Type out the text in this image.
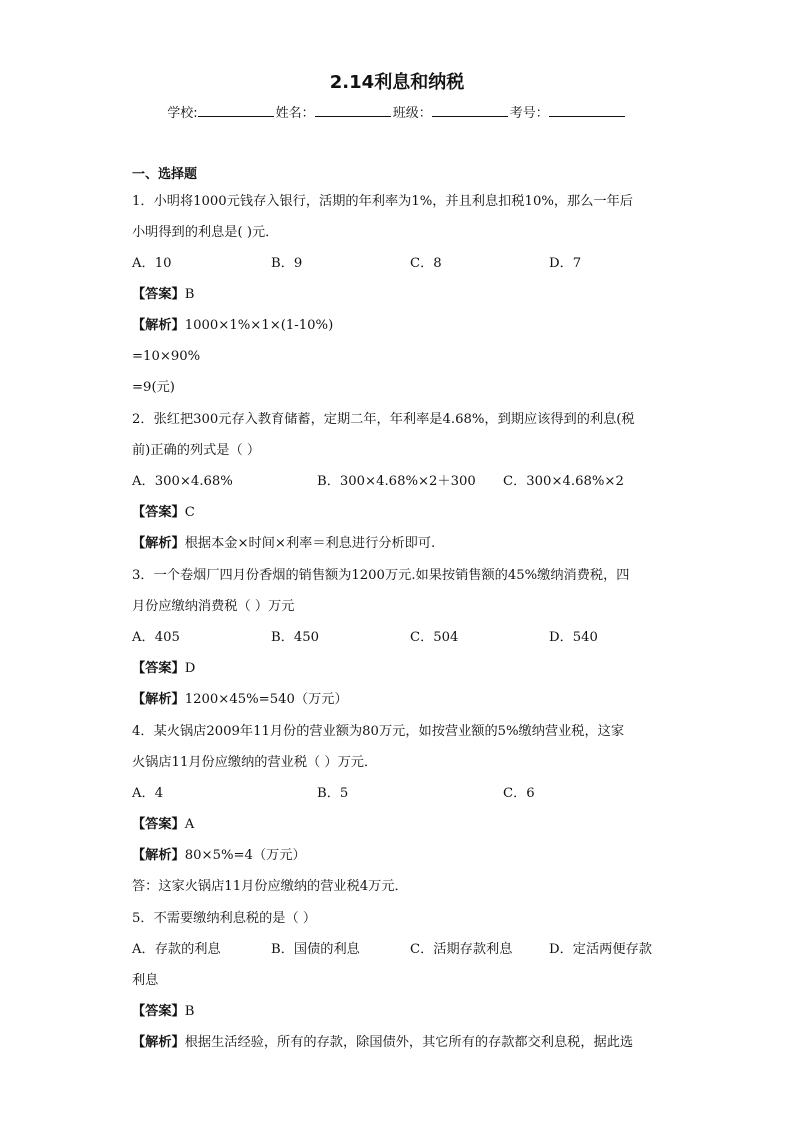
2.14利息和纳税
学校:	姓名：	班级：	考号：
一、选择题
1．小明将1000元钱存入银行，活期的年利率为1%，并且利息扣税10%，那么一年后
小明得到的利息是( )元．
A．10	B．9	C．8	D．7
【答案】B
【解析】1000×1%×1×(1-10%)
=10×90%
=9(元)
2．张红把300元存入教育储蓄，定期二年，年利率是4.68%，到期应该得到的利息(税
前)正确的列式是（ ）
A．300×4.68%	B．300×4.68%×2＋300 C．300×4.68%×2
【答案】C
【解析】根据本金×时间×利率＝利息进行分析即可.
3．一个卷烟厂四月份香烟的销售额为1200万元.如果按销售额的45%缴纳消费税，四
月份应缴纳消费税（ ）万元
A．405	B．450	C．504	D．540
【答案】D
【解析】1200×45%=540（万元）
4．某火锅店2009年11月份的营业额为80万元，如按营业额的5%缴纳营业税，这家
火锅店11月份应缴纳的营业税（ ）万元．
A．4	B．5	C．6
【答案】A
【解析】80×5%=4（万元）
答：这家火锅店11月份应缴纳的营业税4万元．
5．不需要缴纳利息税的是（ ）
A．存款的利息	B．国债的利息	C．活期存款利息	D．定活两便存款
利息
【答案】B
【解析】根据生活经验，所有的存款，除国债外，其它所有的存款都交利息税，据此选
